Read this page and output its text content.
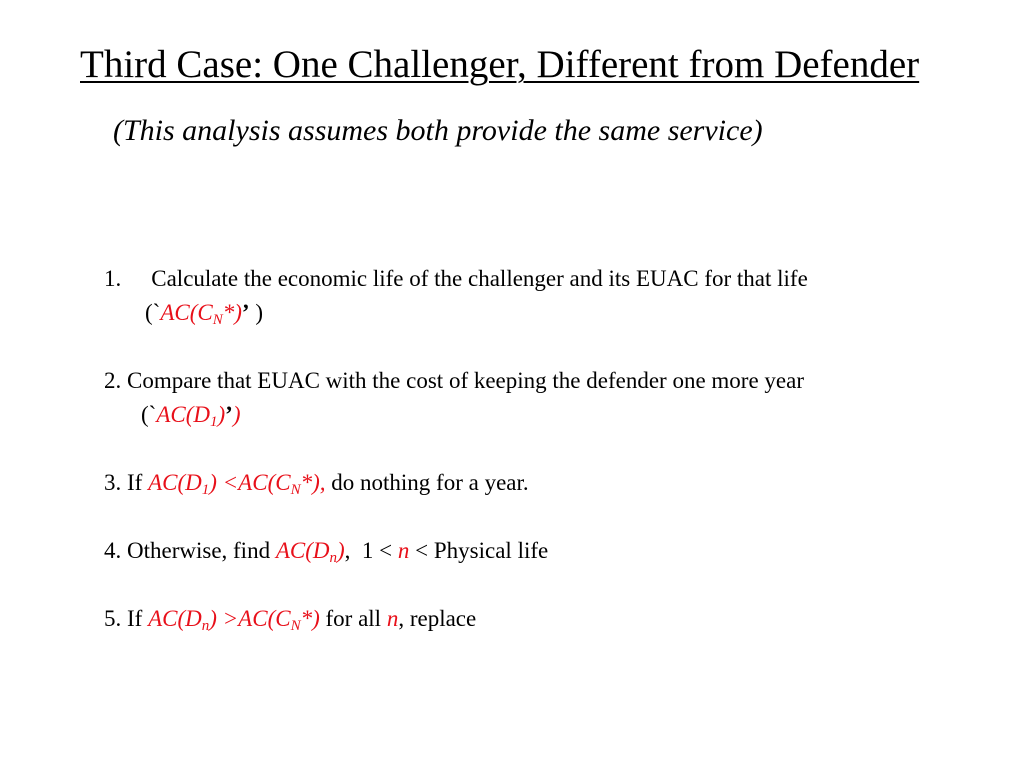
Third Case: One Challenger, Different from Defender
(This analysis assumes both provide the same service)
1. Calculate the economic life of the challenger and its EUAC for that life
($`AC(C_N*)$’ )
2. Compare that EUAC with the cost of keeping the defender one more year
$(`AC(D_1)’)$
3. If $AC(D_1) <AC(C_N*)$, do nothing for a year.
4. Otherwise, find $AC(D_n)$,  1 < n < Physical life
5. If $AC(D_n) >AC(C_N*)$ for all n, replace
